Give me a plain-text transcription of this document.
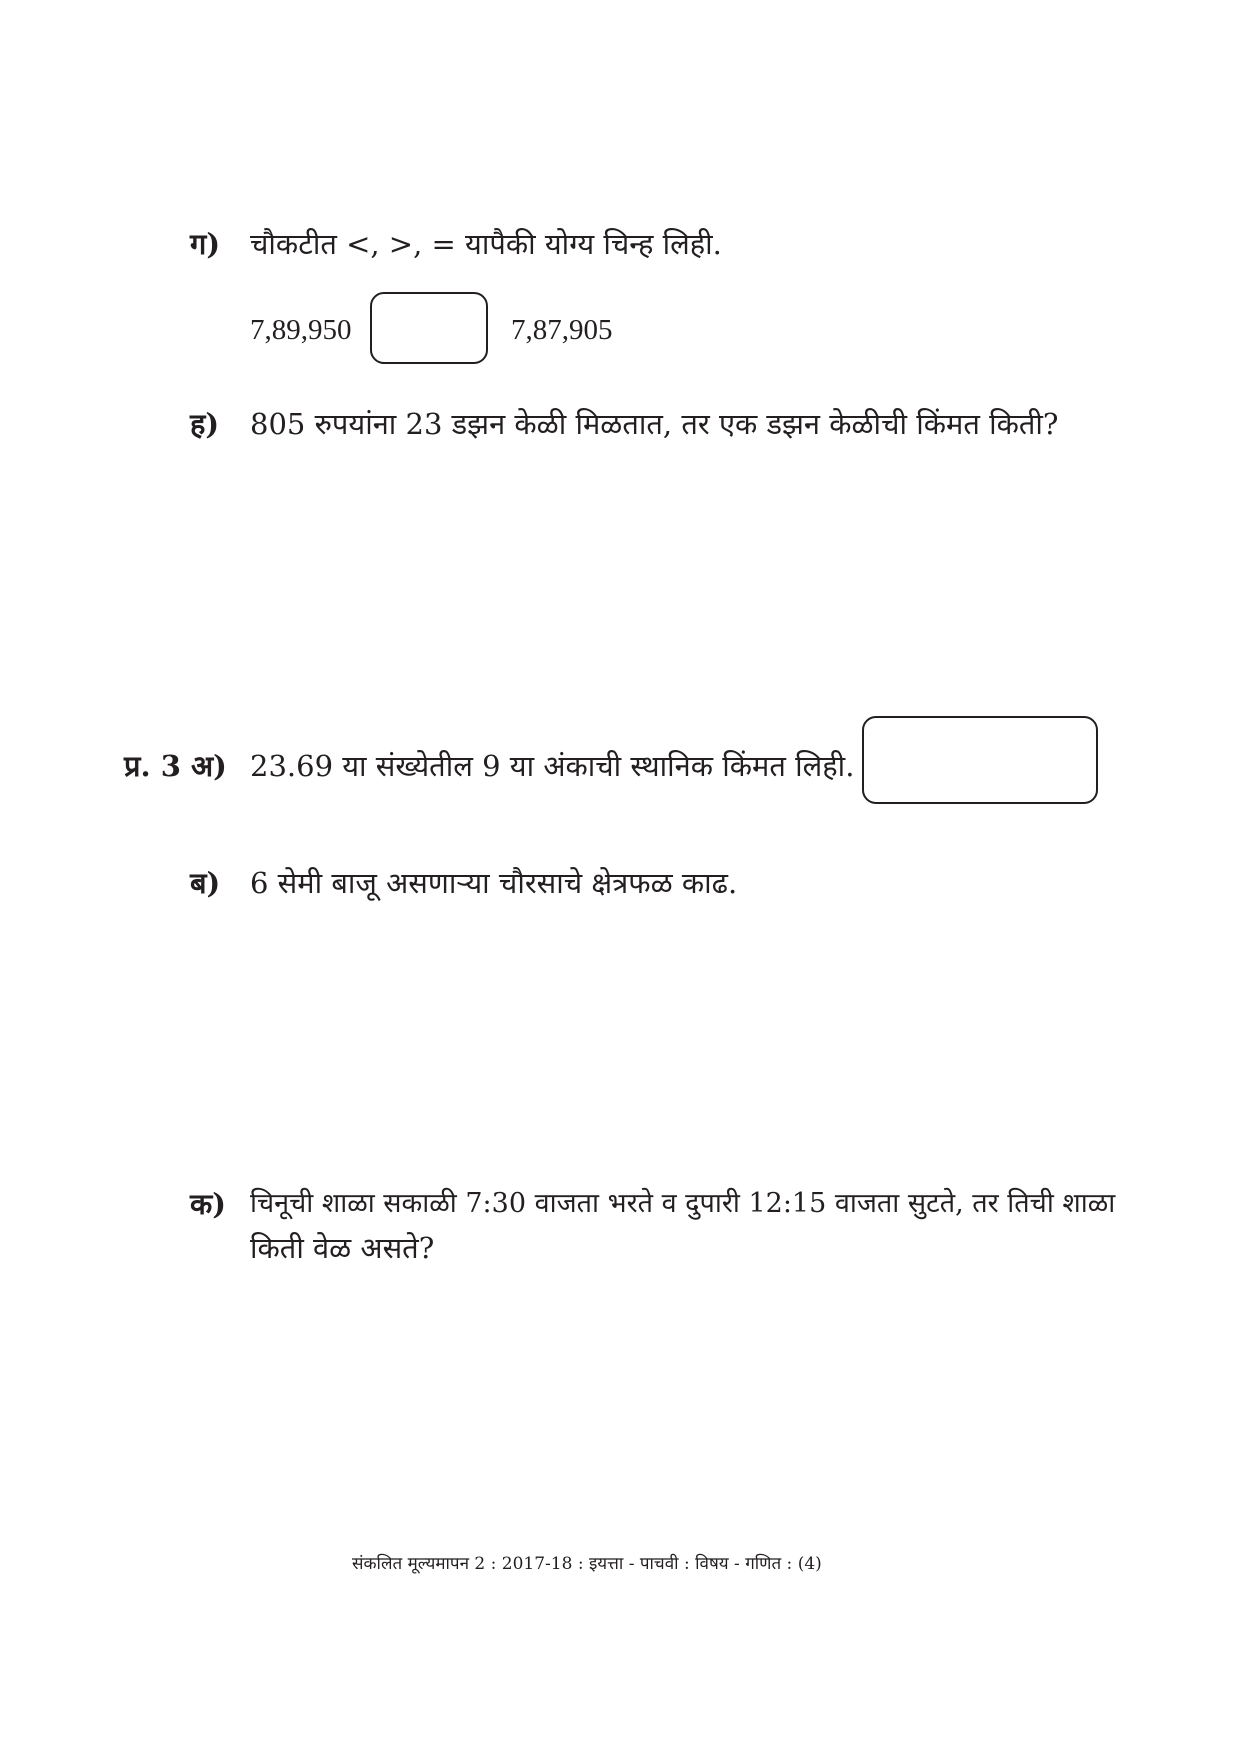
ग) चौकटीत <, >, = यापैकी योग्य चिन्ह लिही.
7,89,950	7,87,905
ह) 805 रुपयांना 23 डझन केळी मिळतात, तर एक डझन केळीची किंमत किती?
प्र. 3 अ) 23.69 या संख्येतील 9 या अंकाची स्थानिक किंमत लिही.
ब) 6 सेमी बाजू असणाऱ्या चौरसाचे क्षेत्रफळ काढ.
क) चिनूची शाळा सकाळी 7:30 वाजता भरते व दुपारी 12:15 वाजता सुटते, तर तिची शाळा
किती वेळ असते?
संकलित मूल्यमापन 2 : 2017-18 : इयत्ता - पाचवी : विषय - गणित : (4)
